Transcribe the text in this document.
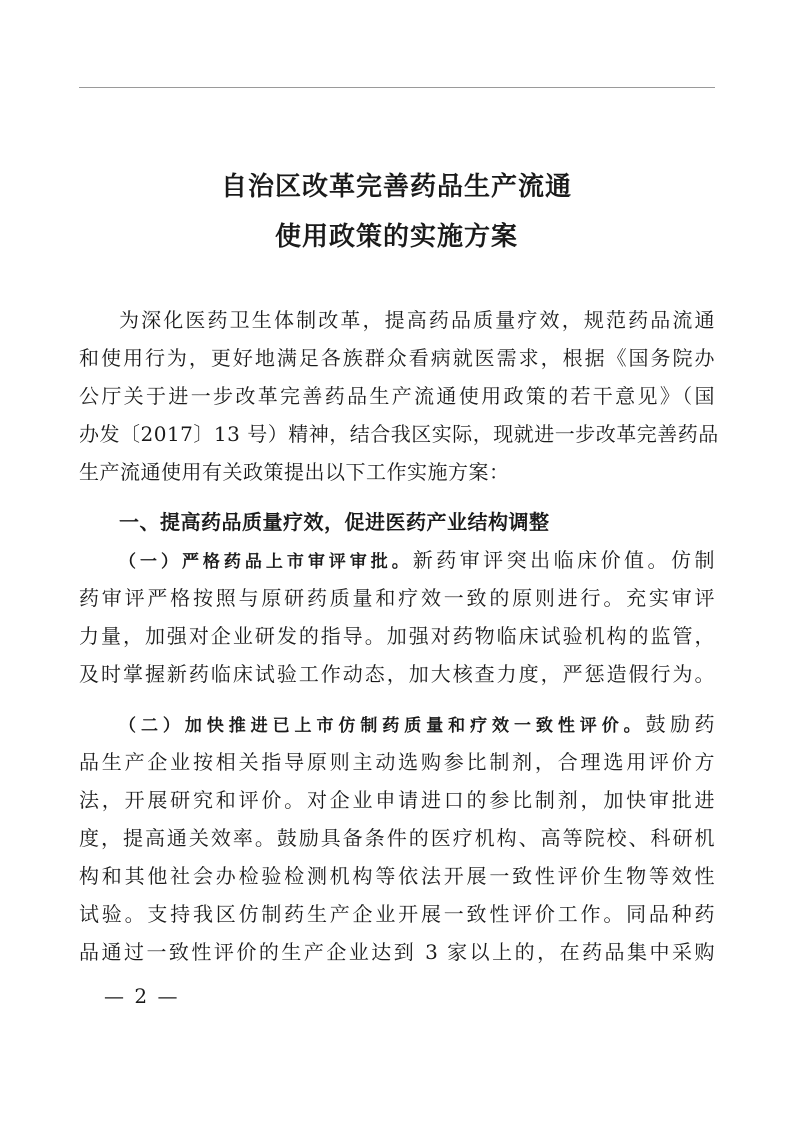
自治区改革完善药品生产流通
使用政策的实施方案
为深化医药卫生体制改革，提高药品质量疗效，规范药品流通
和使用行为，更好地满足各族群众看病就医需求，根据《国务院办
公厅关于进一步改革完善药品生产流通使用政策的若干意见》（国
办发〔2017〕13 号）精神，结合我区实际，现就进一步改革完善药品
生产流通使用有关政策提出以下工作实施方案：
一、提高药品质量疗效，促进医药产业结构调整
（一）严格药品上市审评审批。新药审评突出临床价值。仿制
药审评严格按照与原研药质量和疗效一致的原则进行。充实审评
力量，加强对企业研发的指导。加强对药物临床试验机构的监管，
及时掌握新药临床试验工作动态，加大核查力度，严惩造假行为。
（二）加快推进已上市仿制药质量和疗效一致性评价。鼓励药
品生产企业按相关指导原则主动选购参比制剂，合理选用评价方
法，开展研究和评价。对企业申请进口的参比制剂，加快审批进
度，提高通关效率。鼓励具备条件的医疗机构、高等院校、科研机
构和其他社会办检验检测机构等依法开展一致性评价生物等效性
试验。支持我区仿制药生产企业开展一致性评价工作。同品种药
品通过一致性评价的生产企业达到 3 家以上的，在药品集中采购
— 2 —
